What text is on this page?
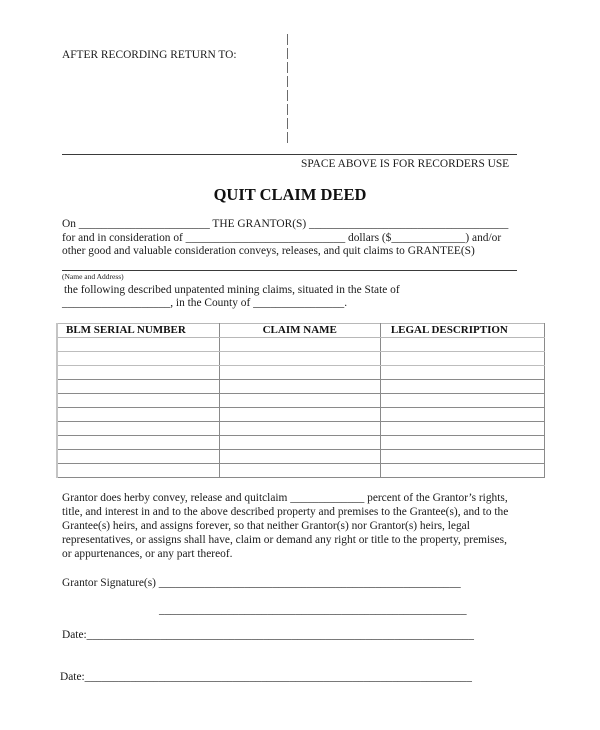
AFTER RECORDING RETURN TO:
SPACE ABOVE IS FOR RECORDERS USE
QUIT CLAIM DEED
On _______________________ THE GRANTOR(S) ___________________________________
for and in consideration of ____________________________ dollars ($_____________) and/or
other good and valuable consideration conveys, releases, and quit claims to GRANTEE(S)
(Name and Address)
the following described unpatented mining claims, situated in the State of
___________________, in the County of ________________.
BLM SERIAL NUMBER	CLAIM NAME	LEGAL DESCRIPTION

Grantor does herby convey, release and quitclaim _____________ percent of the Grantor’s rights,
title, and interest in and to the above described property and premises to the Grantee(s), and to the
Grantee(s) heirs, and assigns forever, so that neither Grantor(s) nor Grantor(s) heirs, legal
representatives, or assigns shall have, claim or demand any right or title to the property, premises,
or appurtenances, or any part thereof.
Grantor Signature(s) _____________________________________________________
______________________________________________________
Date:____________________________________________________________________
Date:____________________________________________________________________
